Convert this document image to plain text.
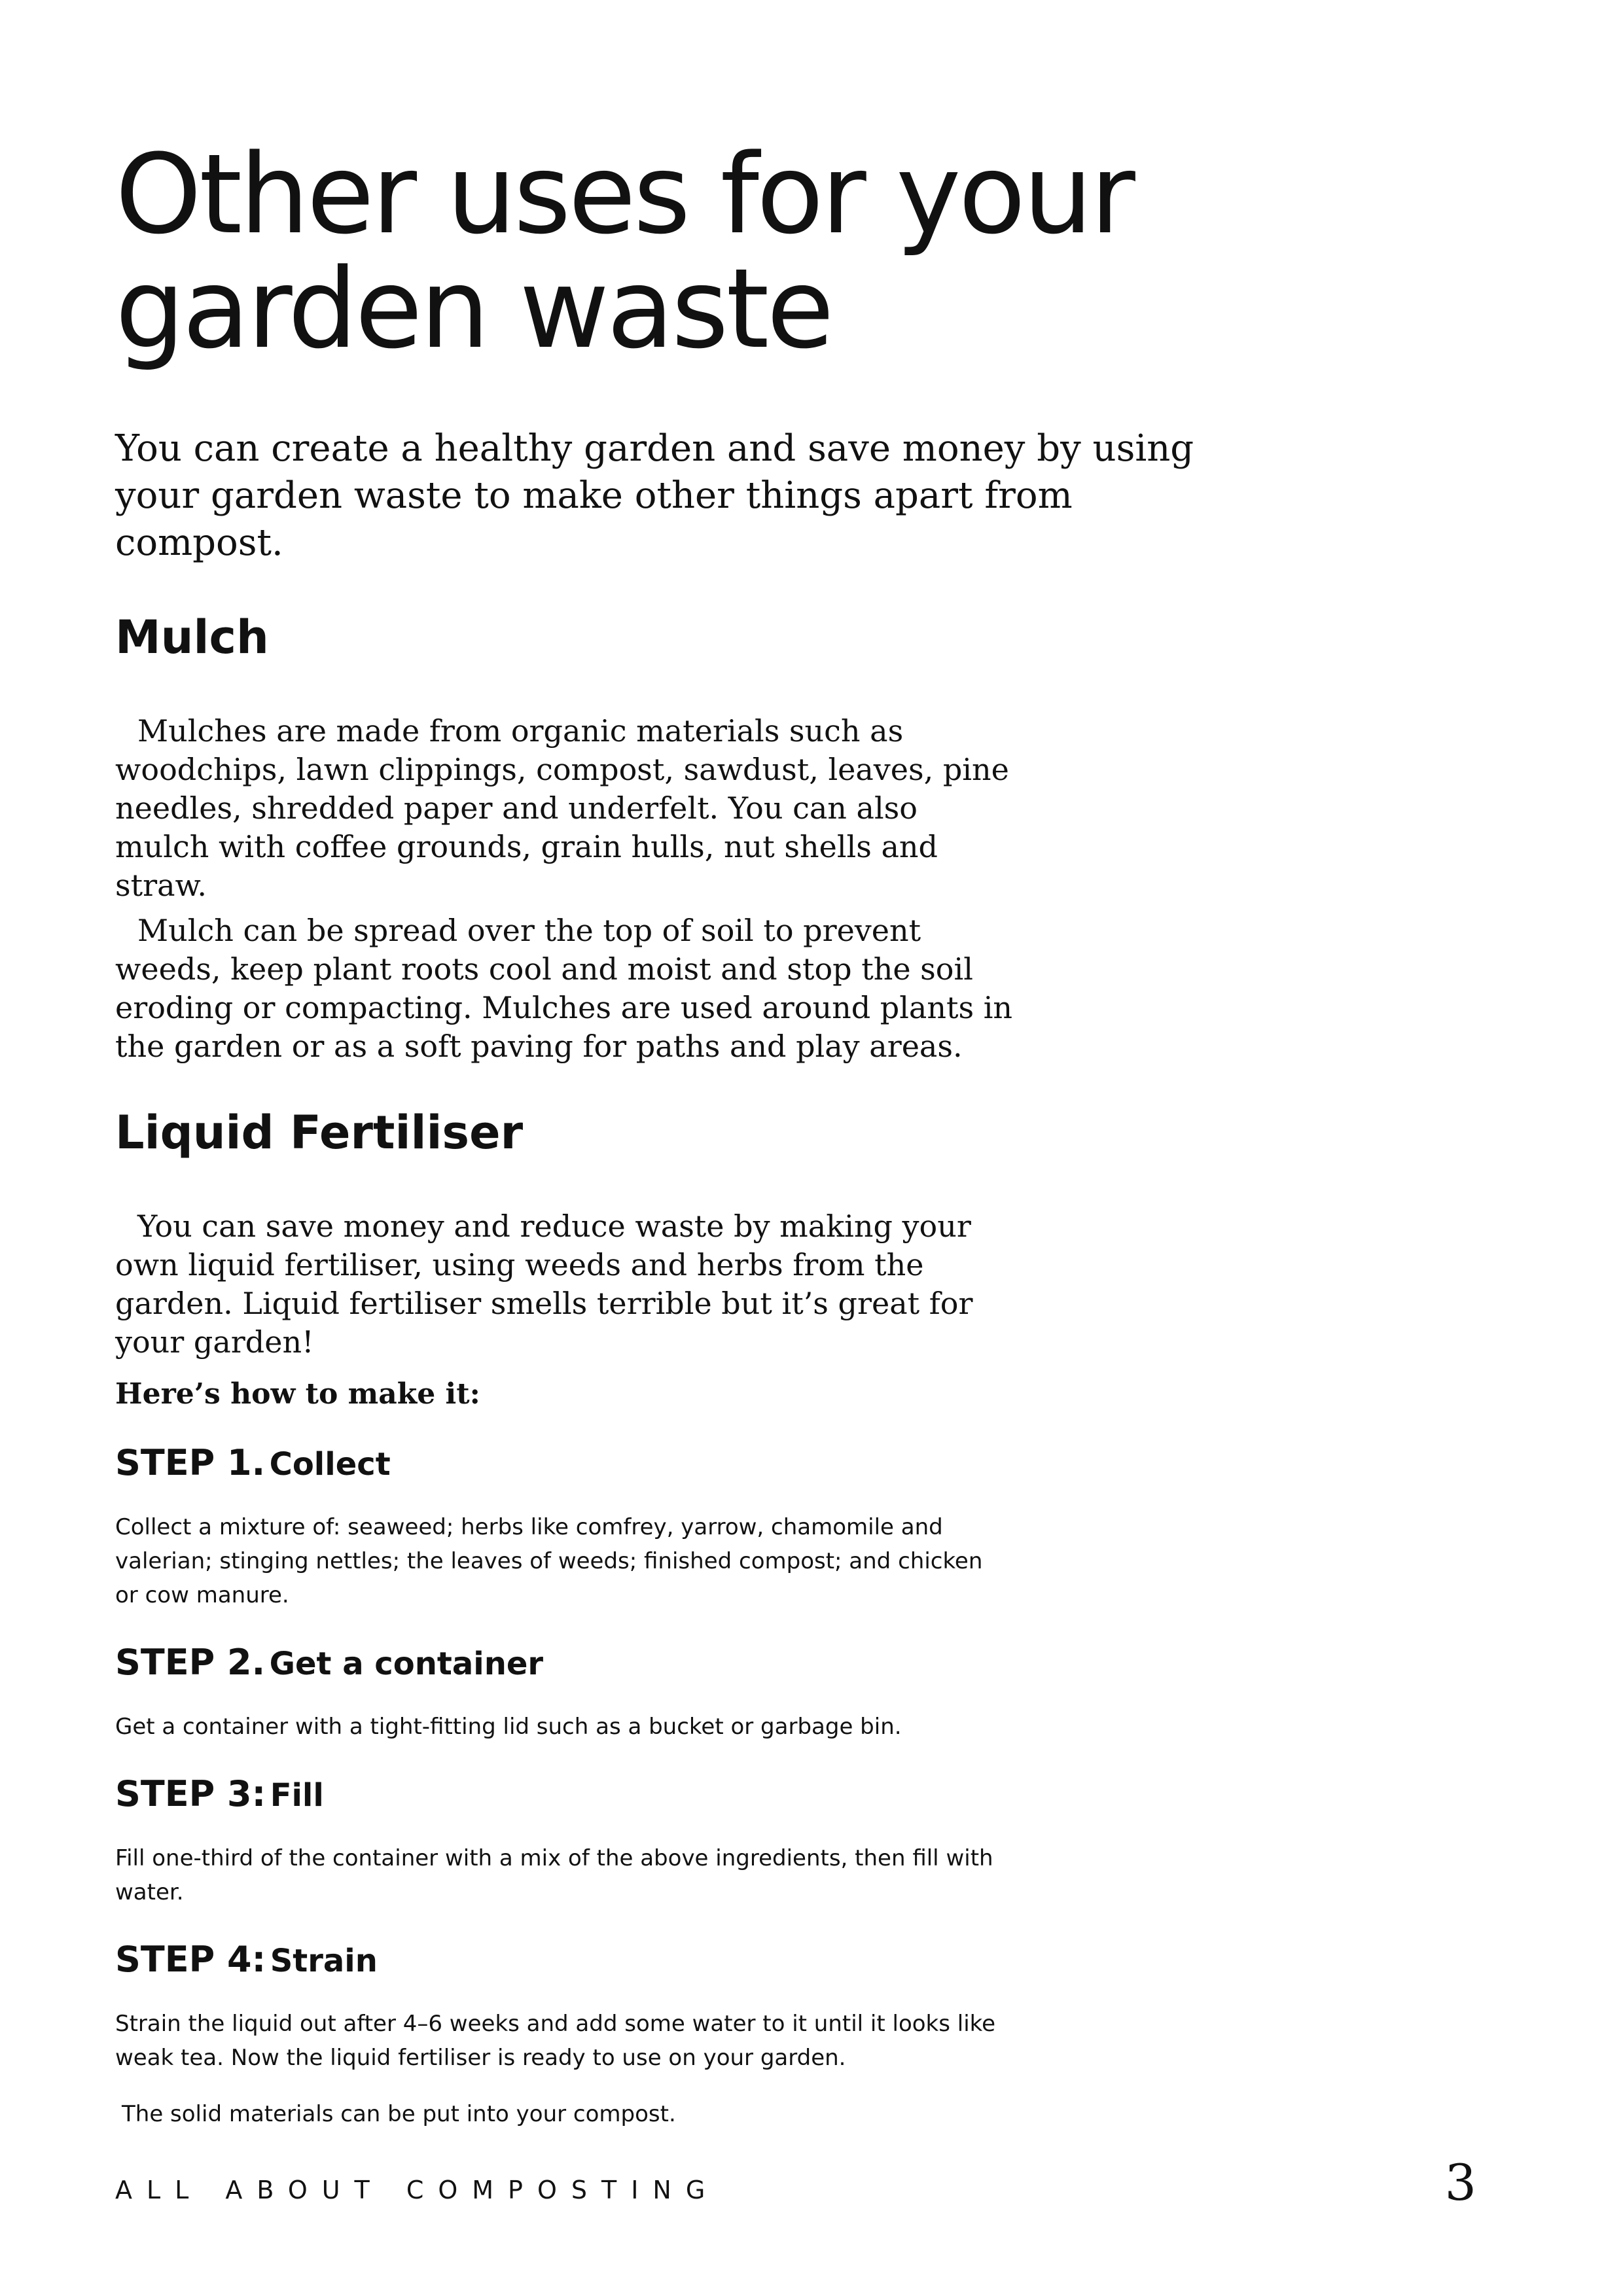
Other uses for your garden waste

You can create a healthy garden and save money by using your garden waste to make other things apart from compost.

Mulch

Mulches are made from organic materials such as woodchips, lawn clippings, compost, sawdust, leaves, pine needles, shredded paper and underfelt. You can also mulch with coffee grounds, grain hulls, nut shells and straw.

Mulch can be spread over the top of soil to prevent weeds, keep plant roots cool and moist and stop the soil eroding or compacting. Mulches are used around plants in the garden or as a soft paving for paths and play areas.

Liquid Fertiliser

You can save money and reduce waste by making your own liquid fertiliser, using weeds and herbs from the garden. Liquid fertiliser smells terrible but it’s great for your garden!

Here’s how to make it:

STEP 1. Collect

Collect a mixture of: seaweed; herbs like comfrey, yarrow, chamomile and valerian; stinging nettles; the leaves of weeds; finished compost; and chicken or cow manure.

STEP 2. Get a container

Get a container with a tight-fitting lid such as a bucket or garbage bin.

STEP 3: Fill

Fill one-third of the container with a mix of the above ingredients, then fill with water.

STEP 4: Strain

Strain the liquid out after 4–6 weeks and add some water to it until it looks like weak tea. Now the liquid fertiliser is ready to use on your garden.

The solid materials can be put into your compost.

ALL ABOUT COMPOSTING	3
